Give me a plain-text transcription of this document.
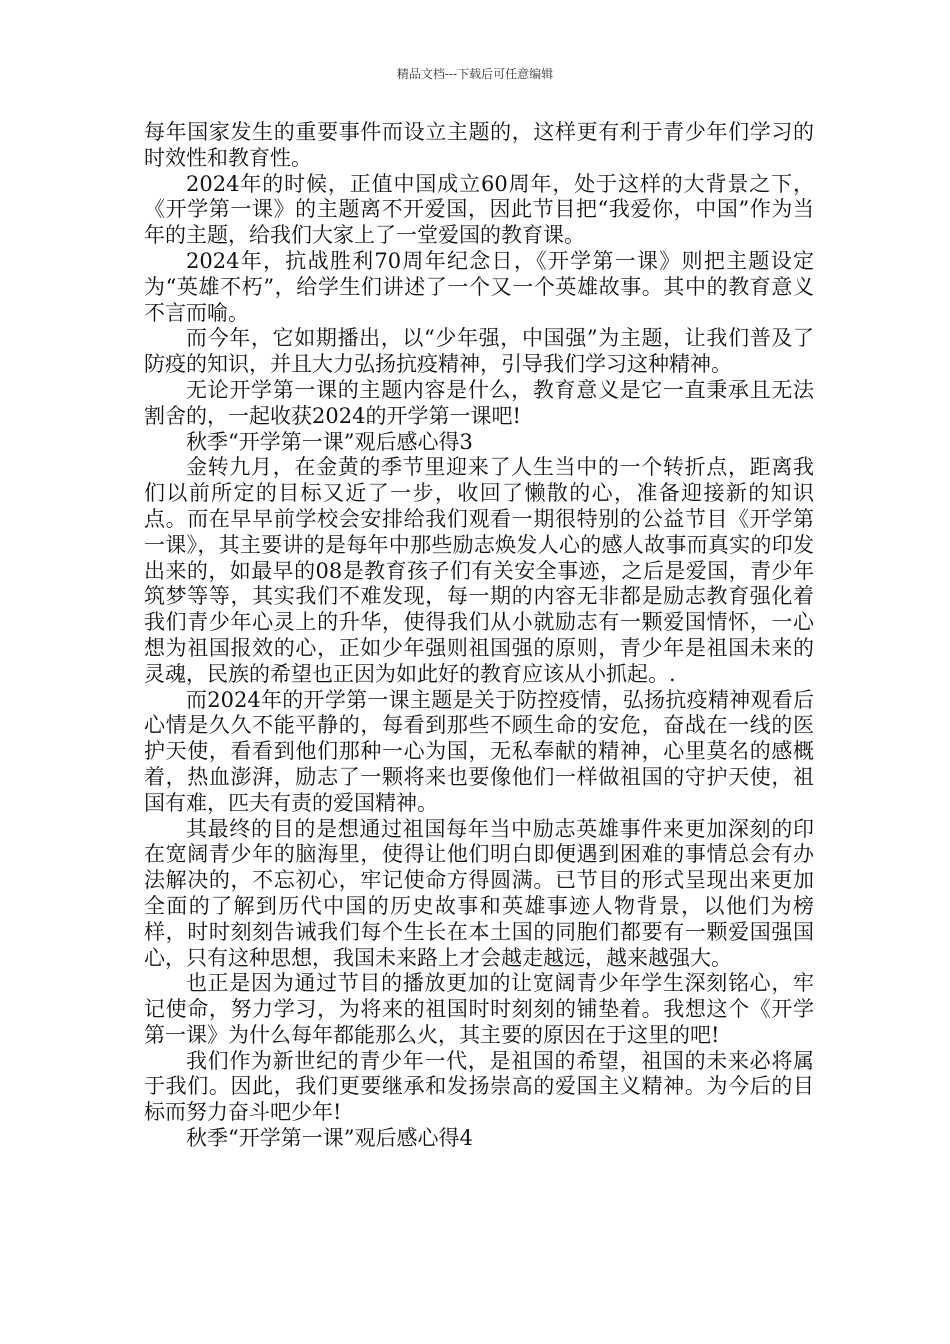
精品文档---下载后可任意编辑

每年国家发生的重要事件而设立主题的，这样更有利于青少年们学习的时效性和教育性。

2024年的时候，正值中国成立60周年，处于这样的大背景之下，《开学第一课》的主题离不开爱国，因此节目把“我爱你，中国”作为当年的主题，给我们大家上了一堂爱国的教育课。

2024年，抗战胜利70周年纪念日，《开学第一课》则把主题设定为“英雄不朽”，给学生们讲述了一个又一个英雄故事。其中的教育意义不言而喻。

而今年，它如期播出，以“少年强，中国强”为主题，让我们普及了防疫的知识，并且大力弘扬抗疫精神，引导我们学习这种精神。

无论开学第一课的主题内容是什么，教育意义是它一直秉承且无法割舍的，一起收获2024的开学第一课吧!

秋季“开学第一课”观后感心得3

金转九月，在金黄的季节里迎来了人生当中的一个转折点，距离我们以前所定的目标又近了一步，收回了懒散的心，准备迎接新的知识点。而在早早前学校会安排给我们观看一期很特别的公益节目《开学第一课》，其主要讲的是每年中那些励志焕发人心的感人故事而真实的印发出来的，如最早的08是教育孩子们有关安全事迹，之后是爱国，青少年筑梦等等，其实我们不难发现，每一期的内容无非都是励志教育强化着我们青少年心灵上的升华，使得我们从小就励志有一颗爱国情怀，一心想为祖国报效的心，正如少年强则祖国强的原则，青少年是祖国未来的灵魂，民族的希望也正因为如此好的教育应该从小抓起。.

而2024年的开学第一课主题是关于防控疫情，弘扬抗疫精神观看后心情是久久不能平静的，每看到那些不顾生命的安危，奋战在一线的医护天使，看看到他们那种一心为国，无私奉献的精神，心里莫名的感概着，热血澎湃，励志了一颗将来也要像他们一样做祖国的守护天使，祖国有难，匹夫有责的爱国精神。

其最终的目的是想通过祖国每年当中励志英雄事件来更加深刻的印在宽阔青少年的脑海里，使得让他们明白即便遇到困难的事情总会有办法解决的，不忘初心，牢记使命方得圆满。已节目的形式呈现出来更加全面的了解到历代中国的历史故事和英雄事迹人物背景，以他们为榜样，时时刻刻告诫我们每个生长在本土国的同胞们都要有一颗爱国强国心，只有这种思想，我国未来路上才会越走越远，越来越强大。

也正是因为通过节目的播放更加的让宽阔青少年学生深刻铭心，牢记使命，努力学习，为将来的祖国时时刻刻的铺垫着。我想这个《开学第一课》为什么每年都能那么火，其主要的原因在于这里的吧!

我们作为新世纪的青少年一代，是祖国的希望，祖国的未来必将属于我们。因此，我们更要继承和发扬崇高的爱国主义精神。为今后的目标而努力奋斗吧少年!

秋季“开学第一课”观后感心得4
